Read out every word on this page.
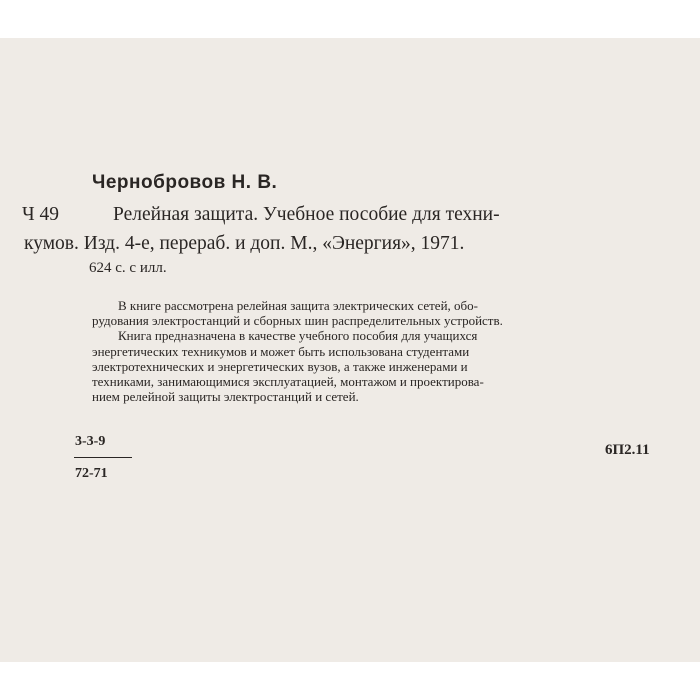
Чернобровов Н. В.
Ч 49	Релейная защита. Учебное пособие для техни-
кумов. Изд. 4-е, перераб. и доп. М., «Энергия», 1971.
624 с. с илл.
В книге рассмотрена релейная защита электрических сетей, обо-
рудования электростанций и сборных шин распределительных устройств.
Книга предназначена в качестве учебного пособия для учащихся
энергетических техникумов и может быть использована студентами
электротехнических и энергетических вузов, а также инженерами и
техниками, занимающимися эксплуатацией, монтажом и проектирова-
нием релейной защиты электростанций и сетей.
3-3-9
72-71
6П2.11
